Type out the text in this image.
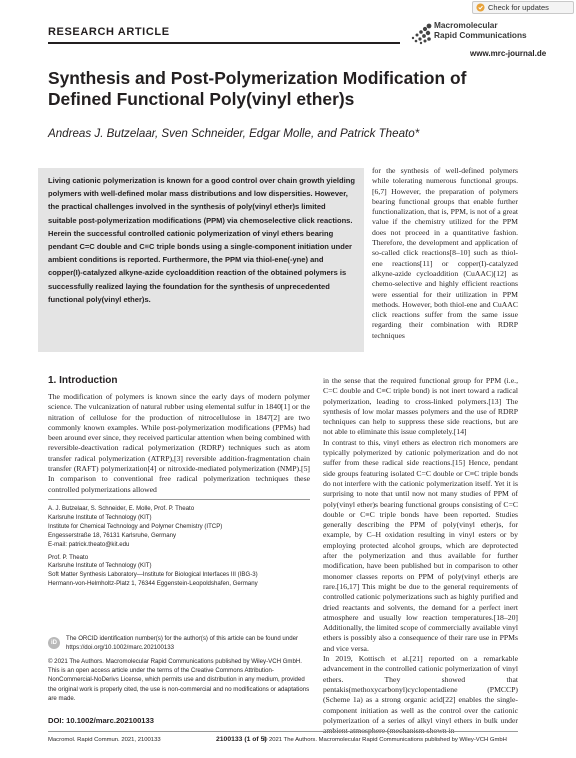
Check for updates
RESEARCH ARTICLE
Macromolecular
Rapid Communications
www.mrc-journal.de
Synthesis and Post-Polymerization Modification of Defined Functional Poly(vinyl ether)s
Andreas J. Butzelaar, Sven Schneider, Edgar Molle, and Patrick Theato*
Living cationic polymerization is known for a good control over chain growth yielding polymers with well-defined molar mass distributions and low dispersities. However, the practical challenges involved in the synthesis of poly(vinyl ether)s limited suitable post-polymerization modifications (PPM) via chemoselective click reactions. Herein the successful controlled cationic polymerization of vinyl ethers bearing pendant C=C double and C≡C triple bonds using a single-component initiation under ambient conditions is reported. Furthermore, the PPM via thiol-ene(-yne) and copper(I)-catalyzed alkyne-azide cycloaddition reaction of the obtained polymers is successfully realized laying the foundation for the synthesis of unprecedented functional poly(vinyl ether)s.
for the synthesis of well-defined polymers while tolerating numerous functional groups.[6,7] However, the preparation of polymers bearing functional groups that enable further functionalization, that is, PPM, is not of a great value if the chemistry utilized for the PPM does not proceed in a quantitative fashion. Therefore, the development and application of so-called click reactions[8–10] such as thiol-ene reactions[11] or copper(I)-catalyzed alkyne-azide cycloaddition (CuAAC)[12] as chemo-selective and highly efficient reactions were essential for their utilization in PPM methods. However, both thiol-ene and CuAAC click reactions suffer from the same issue regarding their combination with RDRP techniques
1. Introduction
The modification of polymers is known since the early days of modern polymer science. The vulcanization of natural rubber using elemental sulfur in 1840[1] or the nitration of cellulose for the production of nitrocellulose in 1847[2] are two commonly known examples. While post-polymerization modifications (PPMs) had been around ever since, they received particular attention when being combined with reversible-deactivation radical polymerization (RDRP) techniques such as atom transfer radical polymerization (ATRP),[3] reversible addition-fragmentation chain transfer (RAFT) polymerization[4] or nitroxide-mediated polymerization (NMP).[5] In comparison to conventional free radical polymerization techniques these controlled polymerizations allowed
in the sense that the required functional group for PPM (i.e., C=C double and C≡C triple bond) is not inert toward a radical polymerization, leading to cross-linked polymers.[13] The synthesis of low molar masses polymers and the use of RDRP techniques can help to suppress these side reactions, but are not able to eliminate this issue completely.[14]
In contrast to this, vinyl ethers as electron rich monomers are typically polymerized by cationic polymerization and do not suffer from these radical side reactions.[15] Hence, pendant side groups featuring isolated C=C double or C≡C triple bonds do not interfere with the cationic polymerization itself. Yet it is surprising to note that until now not many studies of PPM of poly(vinyl ether)s bearing functional groups consisting of C=C double or C≡C triple bonds have been reported. Studies generally describing the PPM of poly(vinyl ether)s, for example, by C–H oxidation resulting in vinyl esters or by employing protected alcohol groups, which are deprotected after the polymerization and thus available for further modification, have been published but in comparison to other monomer classes reports on PPM of poly(vinyl ether)s are rare.[16,17] This might be due to the general requirements of controlled cationic polymerizations such as highly purified and dried reactants and solvents, the demand for a perfect inert atmosphere and usually low reaction temperatures.[18–20] Additionally, the limited scope of commercially available vinyl ethers is possibly also a consequence of their rare use in PPMs and vice versa.
In 2019, Kottisch et al.[21] reported on a remarkable advancement in the controlled cationic polymerization of vinyl ethers. They showed that pentakis(methoxycarbonyl)cyclopentadiene (PMCCP) (Scheme 1a) as a strong organic acid[22] enables the single-component initiation as well as the control over the cationic polymerization of a series of alkyl vinyl ethers in bulk under
A. J. Butzelaar, S. Schneider, E. Molle, Prof. P. Theato
Karlsruhe Institute of Technology (KIT)
Institute for Chemical Technology and Polymer Chemistry (ITCP)
Engesserstraße 18, 76131 Karlsruhe, Germany
E-mail: patrick.theato@kit.edu
Prof. P. Theato
Karlsruhe Institute of Technology (KIT)
Soft Matter Synthesis Laboratory—Institute for Biological Interfaces III (IBG-3)
Hermann-von-Helmholtz-Platz 1, 76344 Eggenstein-Leopoldshafen, Germany
iD
The ORCID identification number(s) for the author(s) of this article can be found under https://doi.org/10.1002/marc.202100133
© 2021 The Authors. Macromolecular Rapid Communications published by Wiley-VCH GmbH. This is an open access article under the terms of the Creative Commons Attribution-NonCommercial-NoDerivs License, which permits use and distribution in any medium, provided the original work is properly cited, the use is non-commercial and no modifications or adaptations are made.
DOI: 10.1002/marc.202100133
Macromol. Rapid Commun. 2021, 2100133	2100133 (1 of 5)
© 2021 The Authors. Macromolecular Rapid Communications published by Wiley-VCH GmbH
